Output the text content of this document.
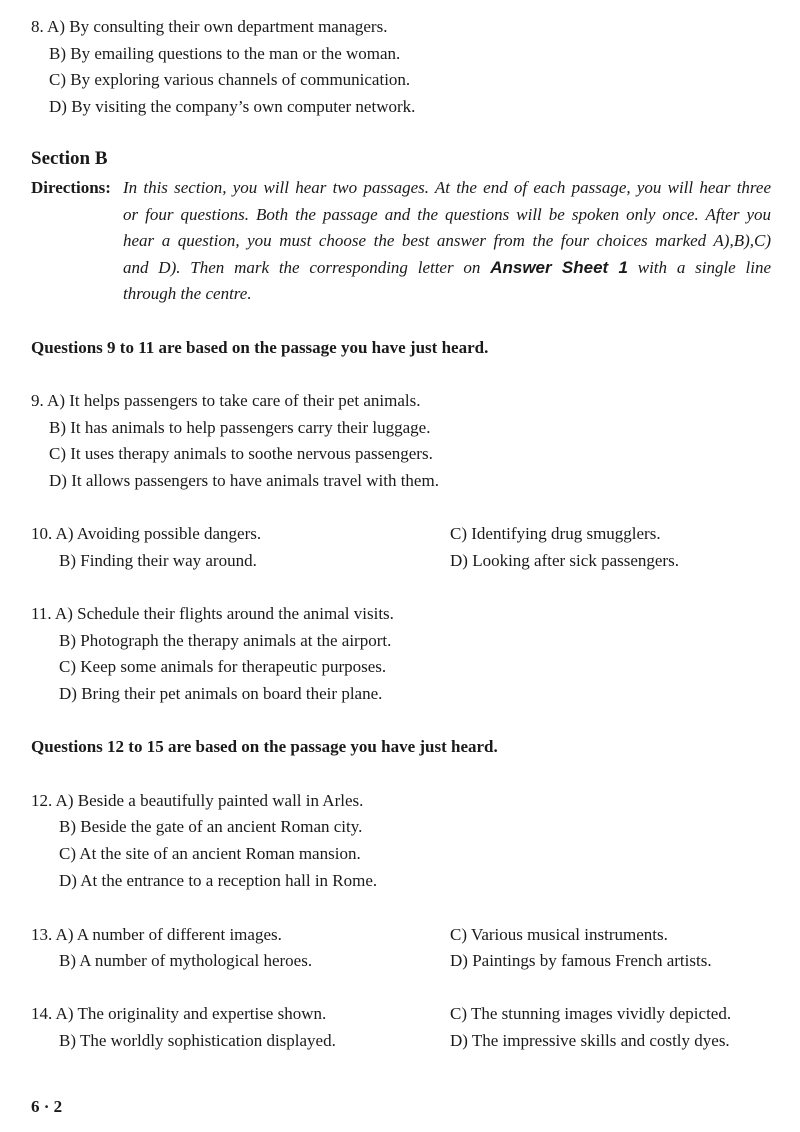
8. A) By consulting their own department managers.
B) By emailing questions to the man or the woman.
C) By exploring various channels of communication.
D) By visiting the company’s own computer network.
Section B
Directions: In this section, you will hear two passages. At the end of each passage, you will hear three
or four questions. Both the passage and the questions will be spoken only once. After you
hear a question, you must choose the best answer from the four choices marked A),B),C)
and D). Then mark the corresponding letter on Answer Sheet 1 with a single line
through the centre.
Questions 9 to 11 are based on the passage you have just heard.
9. A) It helps passengers to take care of their pet animals.
B) It has animals to help passengers carry their luggage.
C) It uses therapy animals to soothe nervous passengers.
D) It allows passengers to have animals travel with them.
10. A) Avoiding possible dangers.
B) Finding their way around.
C) Identifying drug smugglers.
D) Looking after sick passengers.
11. A) Schedule their flights around the animal visits.
B) Photograph the therapy animals at the airport.
C) Keep some animals for therapeutic purposes.
D) Bring their pet animals on board their plane.
Questions 12 to 15 are based on the passage you have just heard.
12. A) Beside a beautifully painted wall in Arles.
B) Beside the gate of an ancient Roman city.
C) At the site of an ancient Roman mansion.
D) At the entrance to a reception hall in Rome.
13. A) A number of different images.
B) A number of mythological heroes.
C) Various musical instruments.
D) Paintings by famous French artists.
14. A) The originality and expertise shown.
B) The worldly sophistication displayed.
C) The stunning images vividly depicted.
D) The impressive skills and costly dyes.
6 · 2
